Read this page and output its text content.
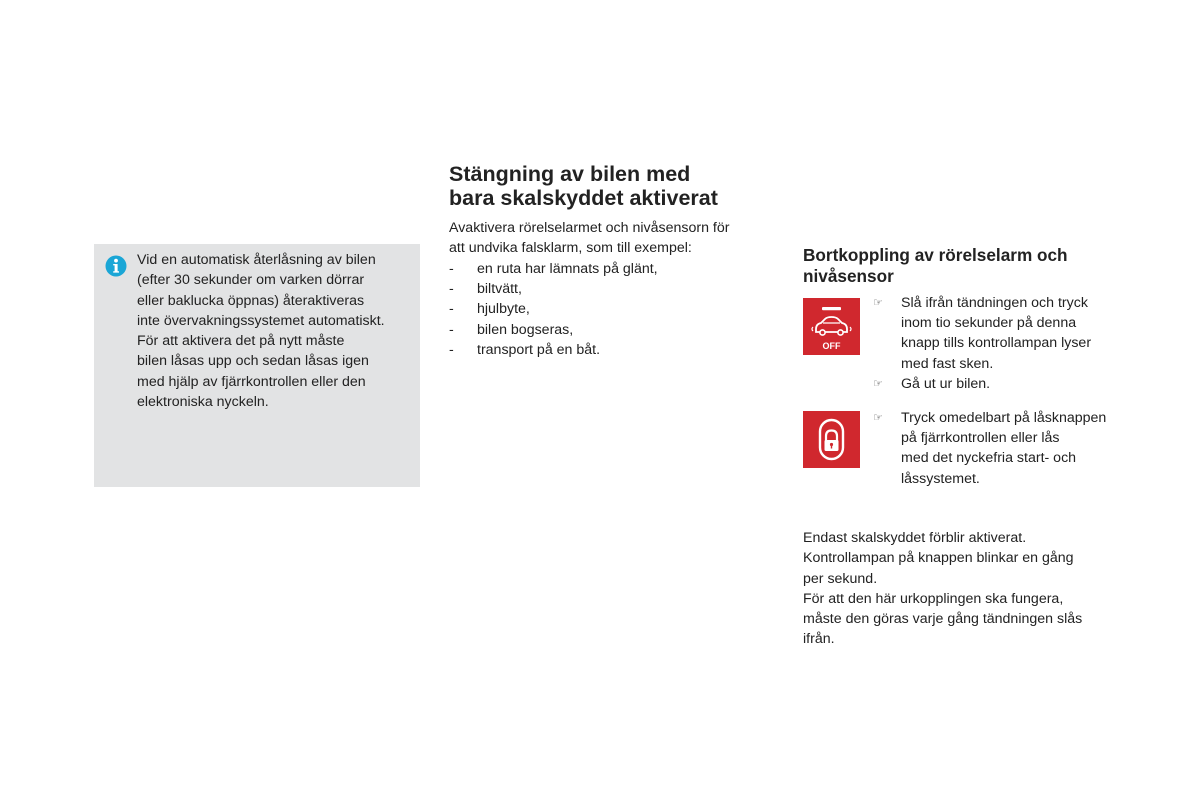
Vid en automatisk återlåsning av bilen

(efter 30 sekunder om varken dörrar

eller baklucka öppnas) återaktiveras

inte övervakningssystemet automatiskt.

För att aktivera det på nytt måste

bilen låsas upp och sedan låsas igen

med hjälp av fjärrkontrollen eller den

elektroniska nyckeln.

Stängning av bilen med
bara skalskyddet aktiverat

Avaktivera rörelselarmet och nivåsensorn för
att undvika falsklarm, som till exempel:

- en ruta har lämnats på glänt,
- biltvätt,
- hjulbyte,
- bilen bogseras,
- transport på en båt.
Bortkoppling av rörelselarm och
nivåsensor
OFF
☞ Slå ifrån tändningen och tryck
inom tio sekunder på denna
knapp tills kontrollampan lyser
med fast sken.
☞ Gå ut ur bilen.
☞ Tryck omedelbart på låsknappen
på fjärrkontrollen eller lås
med det nyckefria start- och
låssystemet.

Endast skalskyddet förblir aktiverat.
Kontrollampan på knappen blinkar en gång
per sekund.
För att den här urkopplingen ska fungera,
måste den göras varje gång tändningen slås
ifrån.
